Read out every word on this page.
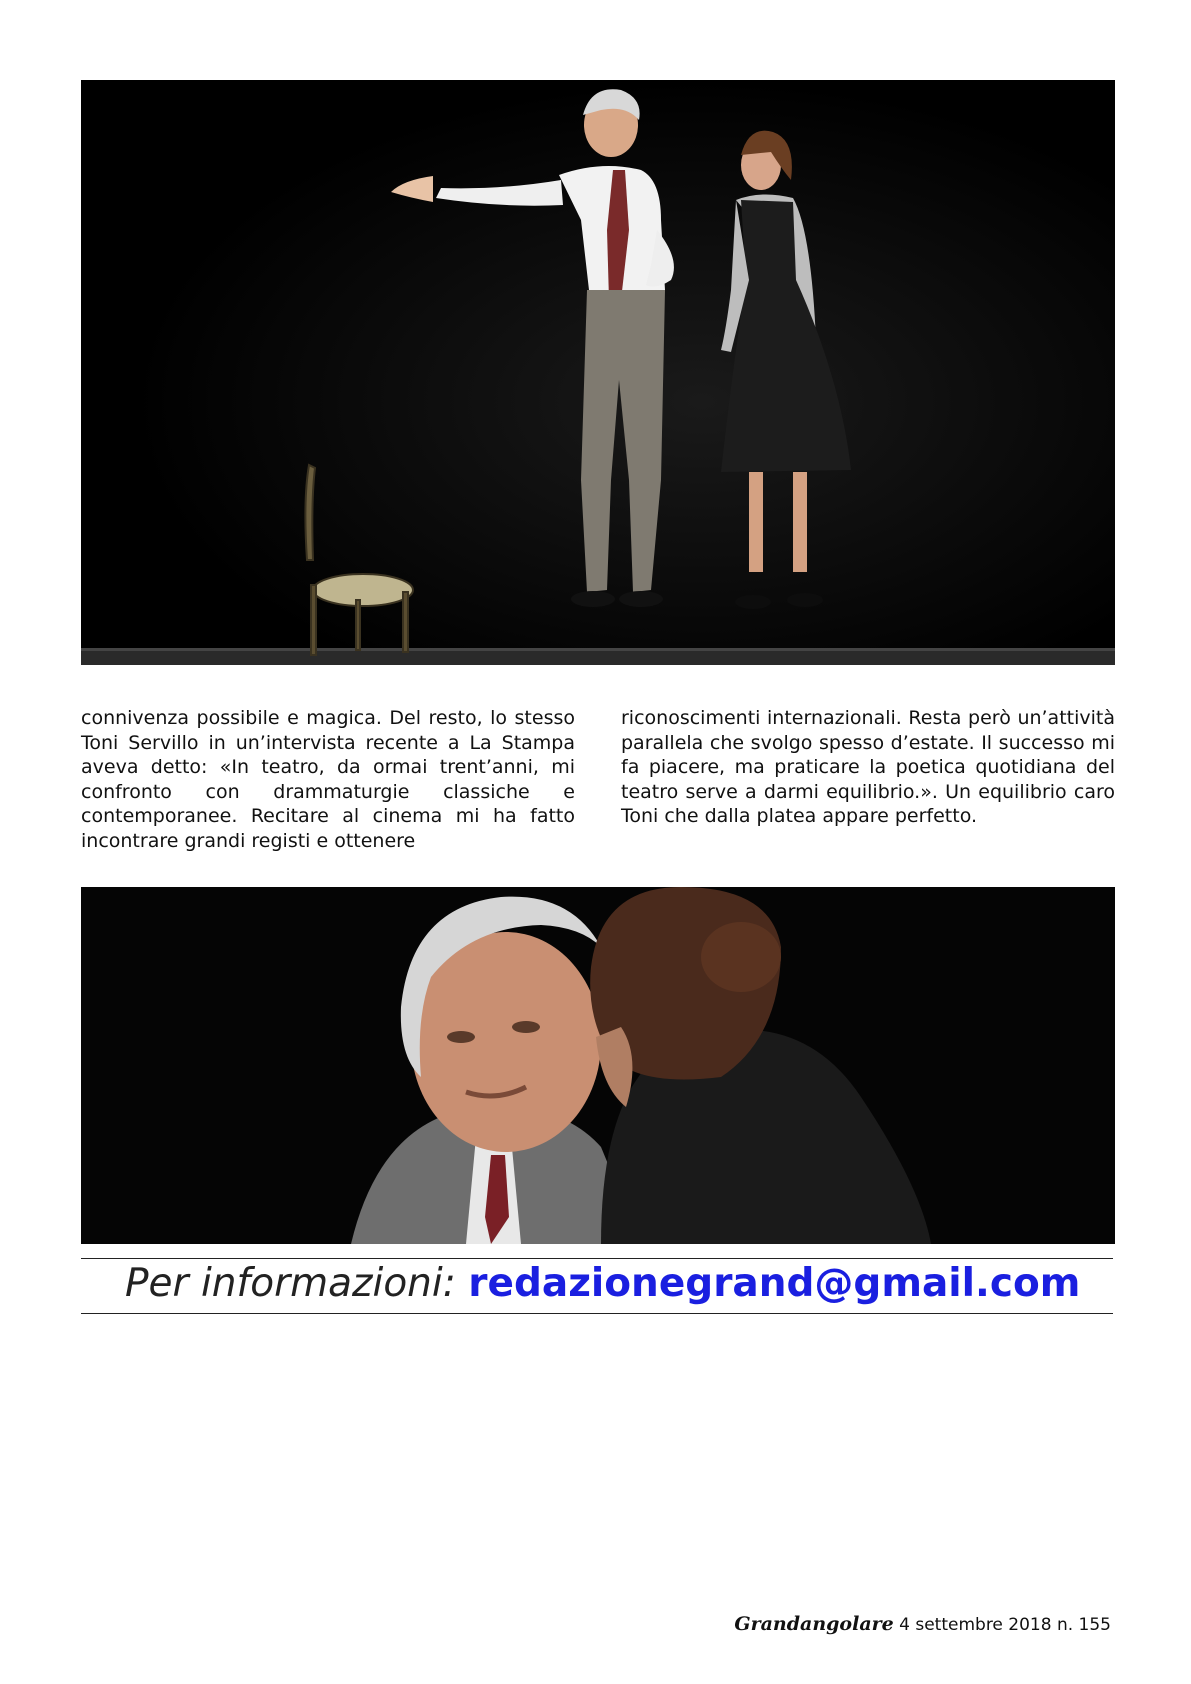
connivenza possibile e magica. Del resto, lo stesso Toni Servillo in un’intervista recente a La Stampa aveva detto: «In teatro, da ormai trent’anni, mi confronto con drammaturgie classiche e contemporanee. Recitare al cinema mi ha fatto incontrare grandi registi e ottenere
riconoscimenti internazionali. Resta però un’attività parallela che svolgo spesso d’estate. Il successo mi fa piacere, ma praticare la poetica quotidiana del teatro serve a darmi equilibrio.». Un equilibrio caro Toni che dalla platea appare perfetto.
Per informazioni: redazionegrand@gmail.com
Grandangolare 4 settembre 2018 n. 155
